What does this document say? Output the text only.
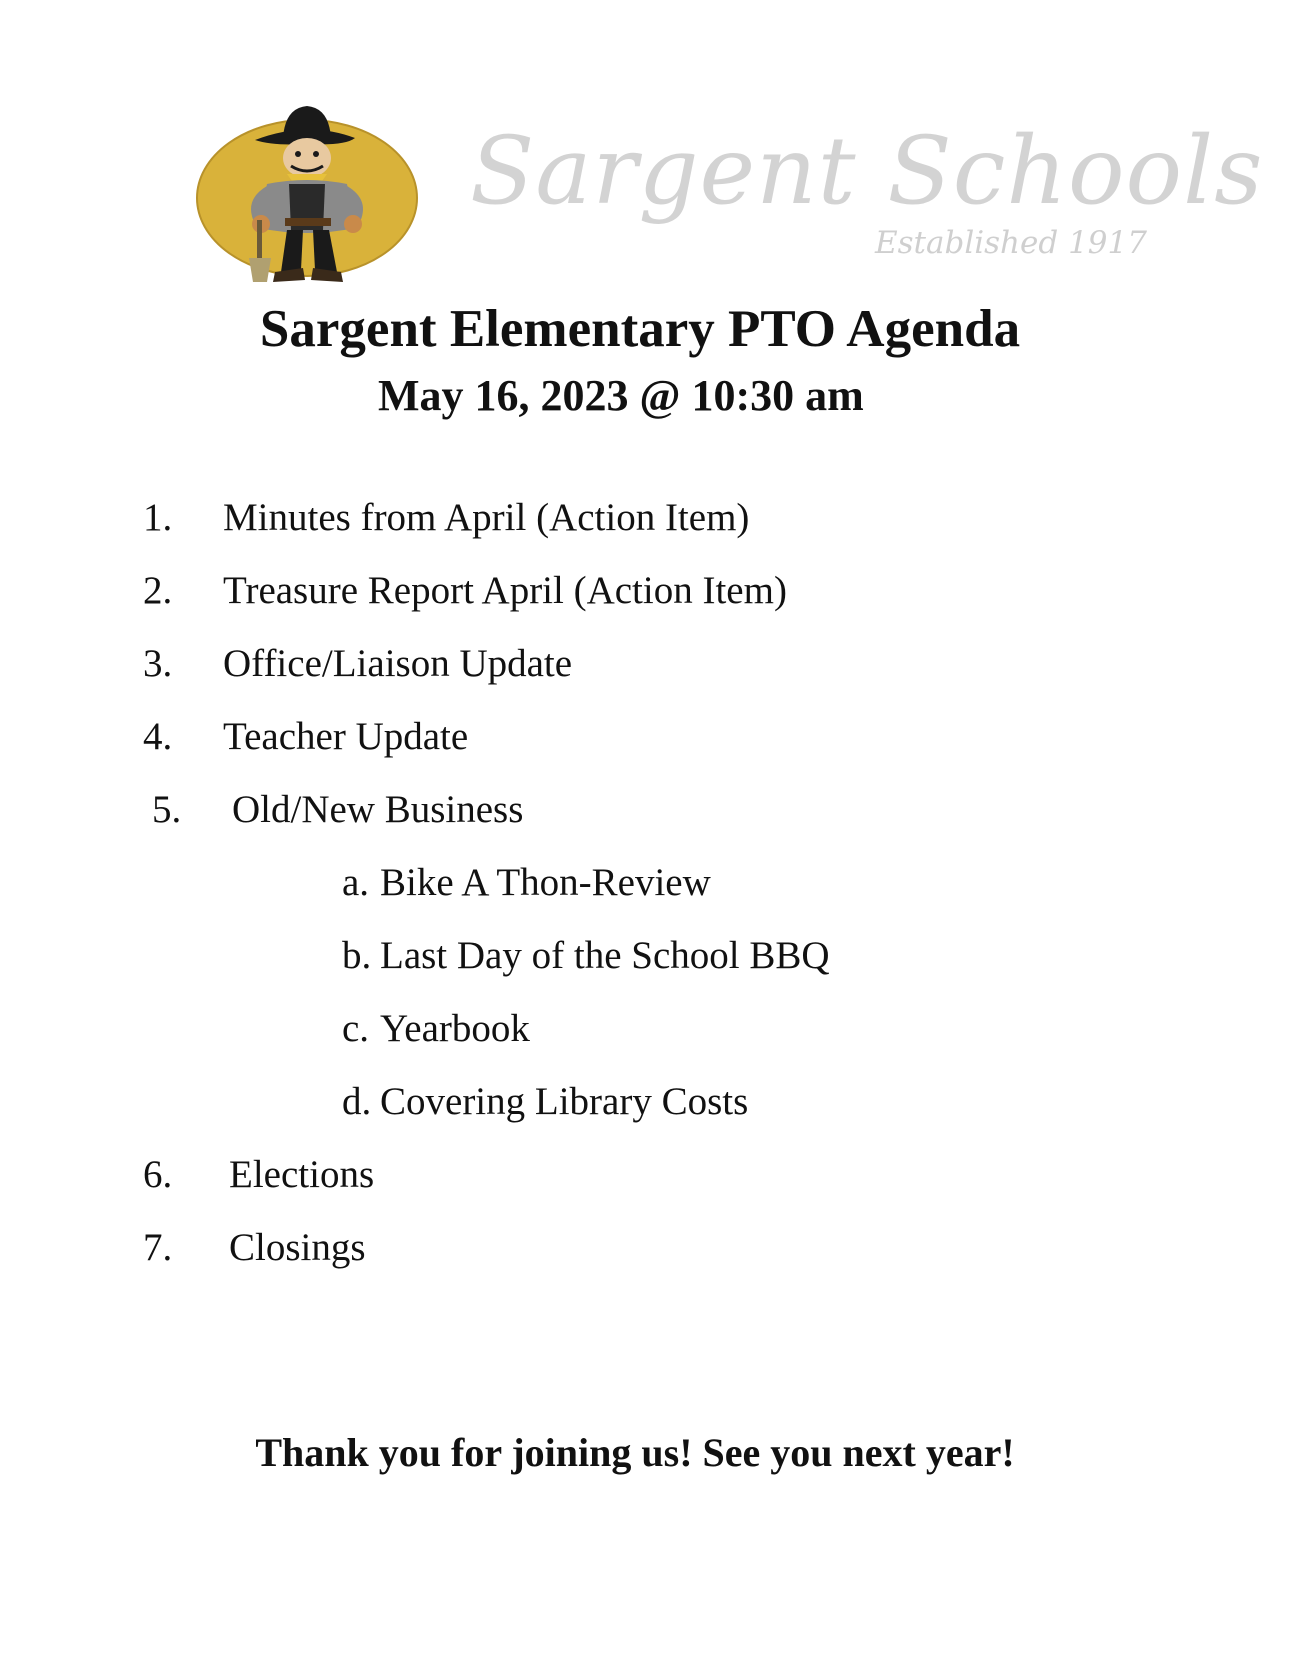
Sargent Schools
Established 1917
Sargent Elementary PTO Agenda
May 16, 2023 @ 10:30 am
1. Minutes from April (Action Item)
2. Treasure Report April (Action Item)
3. Office/Liaison Update
4. Teacher Update
5. Old/New Business
a. Bike A Thon-Review
b. Last Day of the School BBQ
c. Yearbook
d. Covering Library Costs
6. Elections
7. Closings
Thank you for joining us! See you next year!
